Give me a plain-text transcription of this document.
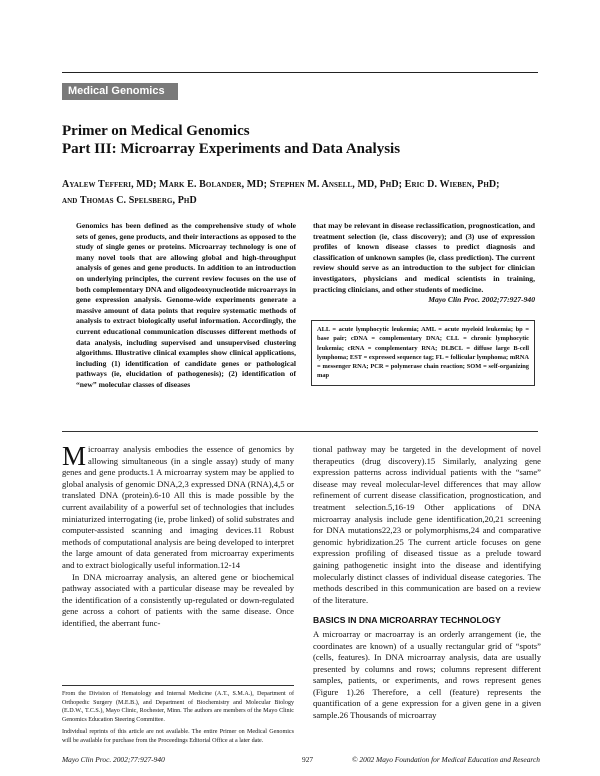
Medical Genomics
Primer on Medical Genomics
Part III: Microarray Experiments and Data Analysis
Ayalew Tefferi, MD; Mark E. Bolander, MD; Stephen M. Ansell, MD, PhD; Eric D. Wieben, PhD;
and Thomas C. Spelsberg, PhD
Genomics has been defined as the comprehensive study of whole sets of genes, gene products, and their interactions as opposed to the study of single genes or proteins. Microarray technology is one of many novel tools that are allowing global and high-throughput analysis of genes and gene products. In addition to an introduction on underlying principles, the current review focuses on the use of both complementary DNA and oligodeoxynucleotide microarrays in gene expression analysis. Genome-wide experiments generate a massive amount of data points that require systematic methods of analysis to extract biologically useful information. Accordingly, the current educational communication discusses different methods of data analysis, including supervised and unsupervised clustering algorithms. Illustrative clinical examples show clinical applications, including (1) identification of candidate genes or pathological pathways (ie, elucidation of pathogenesis); (2) identification of “new” molecular classes of diseases
that may be relevant in disease reclassification, prognostication, and treatment selection (ie, class discovery); and (3) use of expression profiles of known disease classes to predict diagnosis and classification of unknown samples (ie, class prediction). The current review should serve as an introduction to the subject for clinician investigators, physicians and medical scientists in training, practicing clinicians, and other students of medicine.
Mayo Clin Proc. 2002;77:927-940
ALL = acute lymphocytic leukemia; AML = acute myeloid leukemia; bp = base pair; cDNA = complementary DNA; CLL = chronic lymphocytic leukemia; cRNA = complementary RNA; DLBCL = diffuse large B-cell lymphoma; EST = expressed sequence tag; FL = follicular lymphoma; mRNA = messenger RNA; PCR = polymerase chain reaction; SOM = self-organizing map

Microarray analysis embodies the essence of genomics by allowing simultaneous (in a single assay) study of many genes and gene products.1 A microarray system may be applied to global analysis of genomic DNA,2,3 expressed DNA (RNA),4,5 or translated DNA (protein).6-10 All this is made possible by the current availability of a powerful set of technologies that includes miniaturized interrogating (ie, probe linked) of solid substrates and computer-assisted scanning and imaging devices.11 Robust methods of computational analysis are being developed to interpret the large amount of data generated from microarray experiments and to extract biologically useful information.12-14

In DNA microarray analysis, an altered gene or biochemical pathway associated with a particular disease may be revealed by the identification of a consistently up-regulated or down-regulated gene across a cohort of patients with the same disease. Once identified, the aberrant func-

tional pathway may be targeted in the development of novel therapeutics (drug discovery).15 Similarly, analyzing gene expression patterns across individual patients with the “same” disease may reveal molecular-level differences that may allow refinement of current disease classification, prognostication, and treatment selection.5,16-19 Other applications of DNA microarray analysis include gene identification,20,21 screening for DNA mutations22,23 or polymorphisms,24 and comparative genomic hybridization.25 The current article focuses on gene expression profiling of diseased tissue as a prelude toward gaining pathogenetic insight into the disease and identifying molecularly distinct classes of individual disease categories. The methods described in this communication are based on a review of the literature.

BASICS IN DNA MICROARRAY TECHNOLOGY

A microarray or macroarray is an orderly arrangement (ie, the coordinates are known) of a usually rectangular grid of “spots” (cells, features). In DNA microarray analysis, data are usually presented by columns and rows; columns represent different samples, patients, or experiments, and rows represent genes (Figure 1).26 Therefore, a cell (feature) represents the quantification of a gene expression for a given gene in a given sample.26 Thousands of microarray

From the Division of Hematology and Internal Medicine (A.T., S.M.A.), Department of Orthopedic Surgery (M.E.B.), and Department of Biochemistry and Molecular Biology (E.D.W., T.C.S.), Mayo Clinic, Rochester, Minn. The authors are members of the Mayo Clinic Genomics Education Steering Committee.

Individual reprints of this article are not available. The entire Primer on Medical Genomics will be available for purchase from the Proceedings Editorial Office at a later date.

Mayo Clin Proc. 2002;77:927-940	927	© 2002 Mayo Foundation for Medical Education and Research
